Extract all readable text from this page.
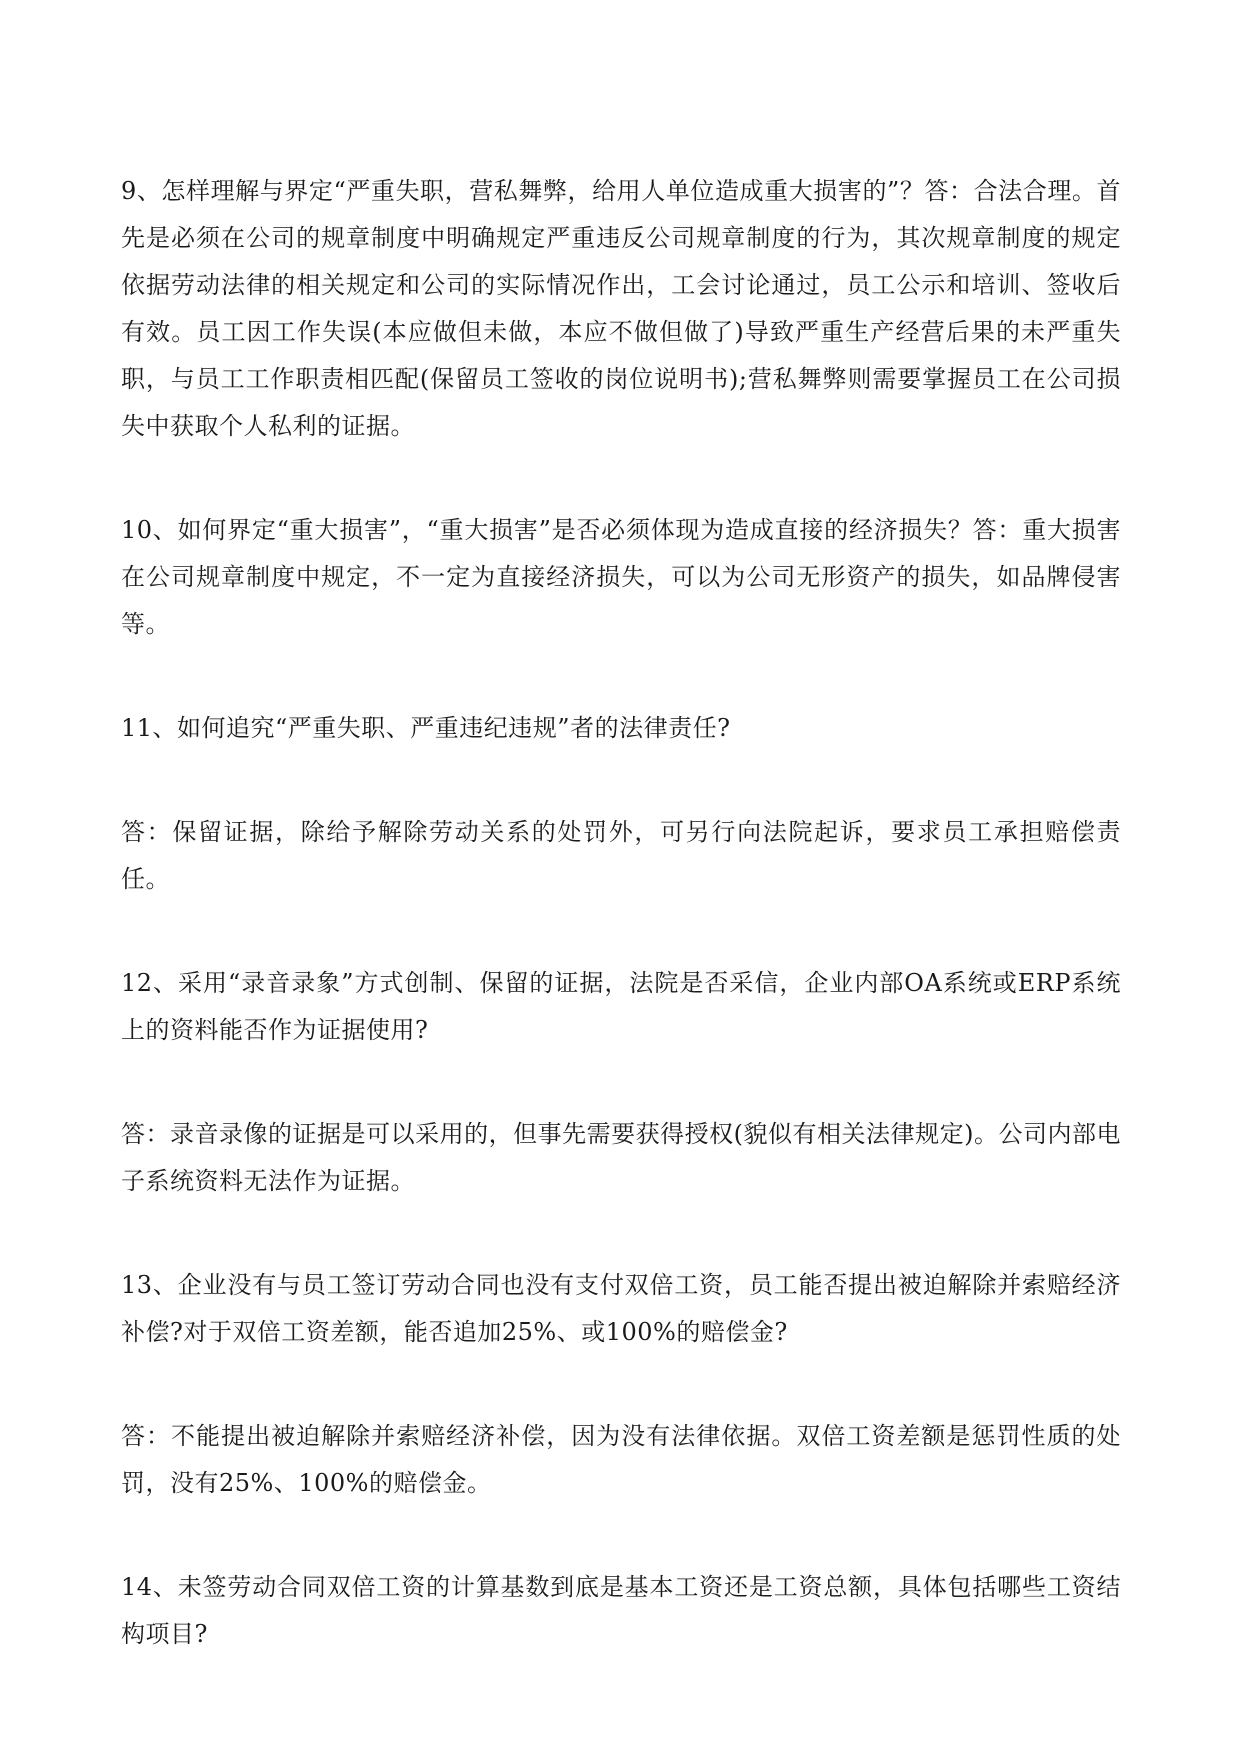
9、怎样理解与界定“严重失职，营私舞弊，给用人单位造成重大损害的”？答：合法合理。首先是必须在公司的规章制度中明确规定严重违反公司规章制度的行为，其次规章制度的规定依据劳动法律的相关规定和公司的实际情况作出，工会讨论通过，员工公示和培训、签收后有效。员工因工作失误(本应做但未做，本应不做但做了)导致严重生产经营后果的未严重失职，与员工工作职责相匹配(保留员工签收的岗位说明书);营私舞弊则需要掌握员工在公司损失中获取个人私利的证据。

10、如何界定“重大损害”，“重大损害”是否必须体现为造成直接的经济损失？答：重大损害在公司规章制度中规定，不一定为直接经济损失，可以为公司无形资产的损失，如品牌侵害等。

11、如何追究“严重失职、严重违纪违规”者的法律责任?

答：保留证据，除给予解除劳动关系的处罚外，可另行向法院起诉，要求员工承担赔偿责任。

12、采用“录音录象”方式创制、保留的证据，法院是否采信，企业内部OA系统或ERP系统上的资料能否作为证据使用?

答：录音录像的证据是可以采用的，但事先需要获得授权(貌似有相关法律规定)。公司内部电子系统资料无法作为证据。

13、企业没有与员工签订劳动合同也没有支付双倍工资，员工能否提出被迫解除并索赔经济补偿?对于双倍工资差额，能否追加25%、或100%的赔偿金?

答：不能提出被迫解除并索赔经济补偿，因为没有法律依据。双倍工资差额是惩罚性质的处罚，没有25%、100%的赔偿金。

14、未签劳动合同双倍工资的计算基数到底是基本工资还是工资总额，具体包括哪些工资结构项目?
